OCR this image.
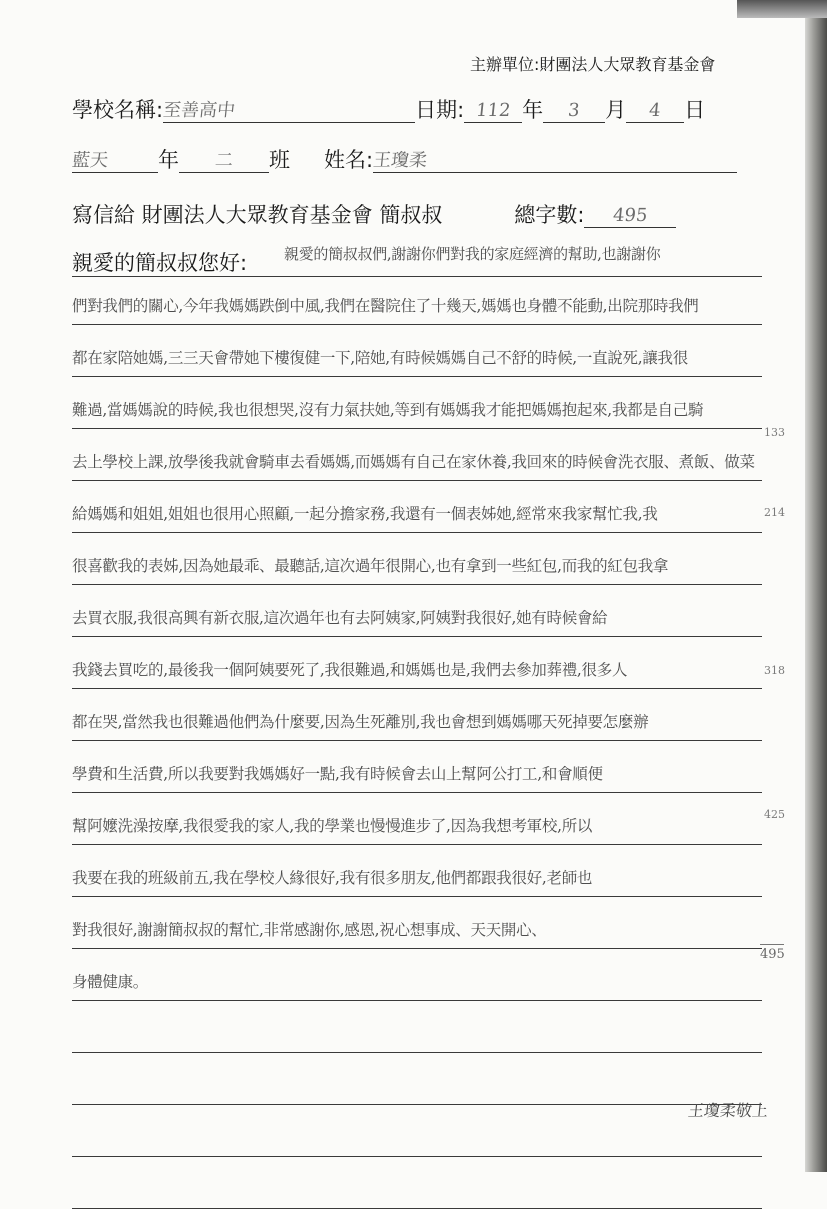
主辦單位:財團法人大眾教育基金會
學校名稱:至善高中	日期: 112 年 3 月 4 日
藍天 年 二 班 姓名:王瓊柔
寫信給 財團法人大眾教育基金會 簡叔叔	總字數: 495
親愛的簡叔叔您好: 親愛的簡叔叔們,謝謝你們對我的家庭經濟的幫助,也謝謝你
們對我們的關心,今年我媽媽跌倒中風,我們在醫院住了十幾天,媽媽也身體不能動,出院那時我們
都在家陪她媽,三三天會帶她下樓復健一下,陪她,有時候媽媽自己不舒的時候,一直說死,讓我很
難過,當媽媽說的時候,我也很想哭,沒有力氣扶她,等到有媽媽我才能把媽媽抱起來,我都是自己騎
去上學校上課,放學後我就會騎車去看媽媽,而媽媽有自己在家休養,我回來的時候會洗衣服、煮飯、做菜
給媽媽和姐姐,姐姐也很用心照顧,一起分擔家務,我還有一個表姊她,經常來我家幫忙我,我
很喜歡我的表姊,因為她最乖、最聽話,這次過年很開心,也有拿到一些紅包,而我的紅包我拿
去買衣服,我很高興有新衣服,這次過年也有去阿姨家,阿姨對我很好,她有時候會給
我錢去買吃的,最後我一個阿姨要死了,我很難過,和媽媽也是,我們去參加葬禮,很多人
都在哭,當然我也很難過他們為什麼要,因為生死離別,我也會想到媽媽哪天死掉要怎麼辦
學費和生活費,所以我要對我媽媽好一點,我有時候會去山上幫阿公打工,和會順便
幫阿嬤洗澡按摩,我很愛我的家人,我的學業也慢慢進步了,因為我想考軍校,所以
我要在我的班級前五,我在學校人緣很好,我有很多朋友,他們都跟我很好,老師也
對我很好,謝謝簡叔叔的幫忙,非常感謝你,感恩,祝心想事成、天天開心、
身體健康。
133
214
318
425
495
王瓊柔敬上
